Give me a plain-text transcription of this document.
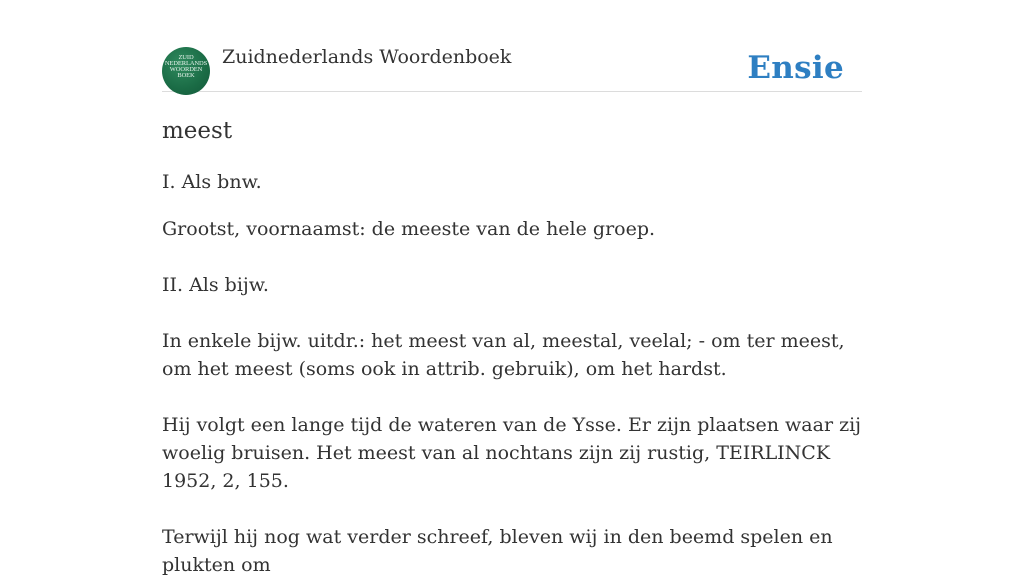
ZUID
NEDERLANDS
WOORDEN
BOEK
Zuidnederlands Woordenboek	Ensie
meest

I. Als bnw.

Grootst, voornaamst: de meeste van de hele groep.

II. Als bijw.

In enkele bijw. uitdr.: het meest van al, meestal, veelal; - om ter meest, om het meest (soms ook in attrib. gebruik), om het hardst.

Hij volgt een lange tijd de wateren van de Ysse. Er zijn plaatsen waar zij woelig bruisen. Het meest van al nochtans zijn zij rustig, TEIRLINCK 1952, 2, 155.

Terwijl hij nog wat verder schreef, bleven wij in den beemd spelen en plukten om
